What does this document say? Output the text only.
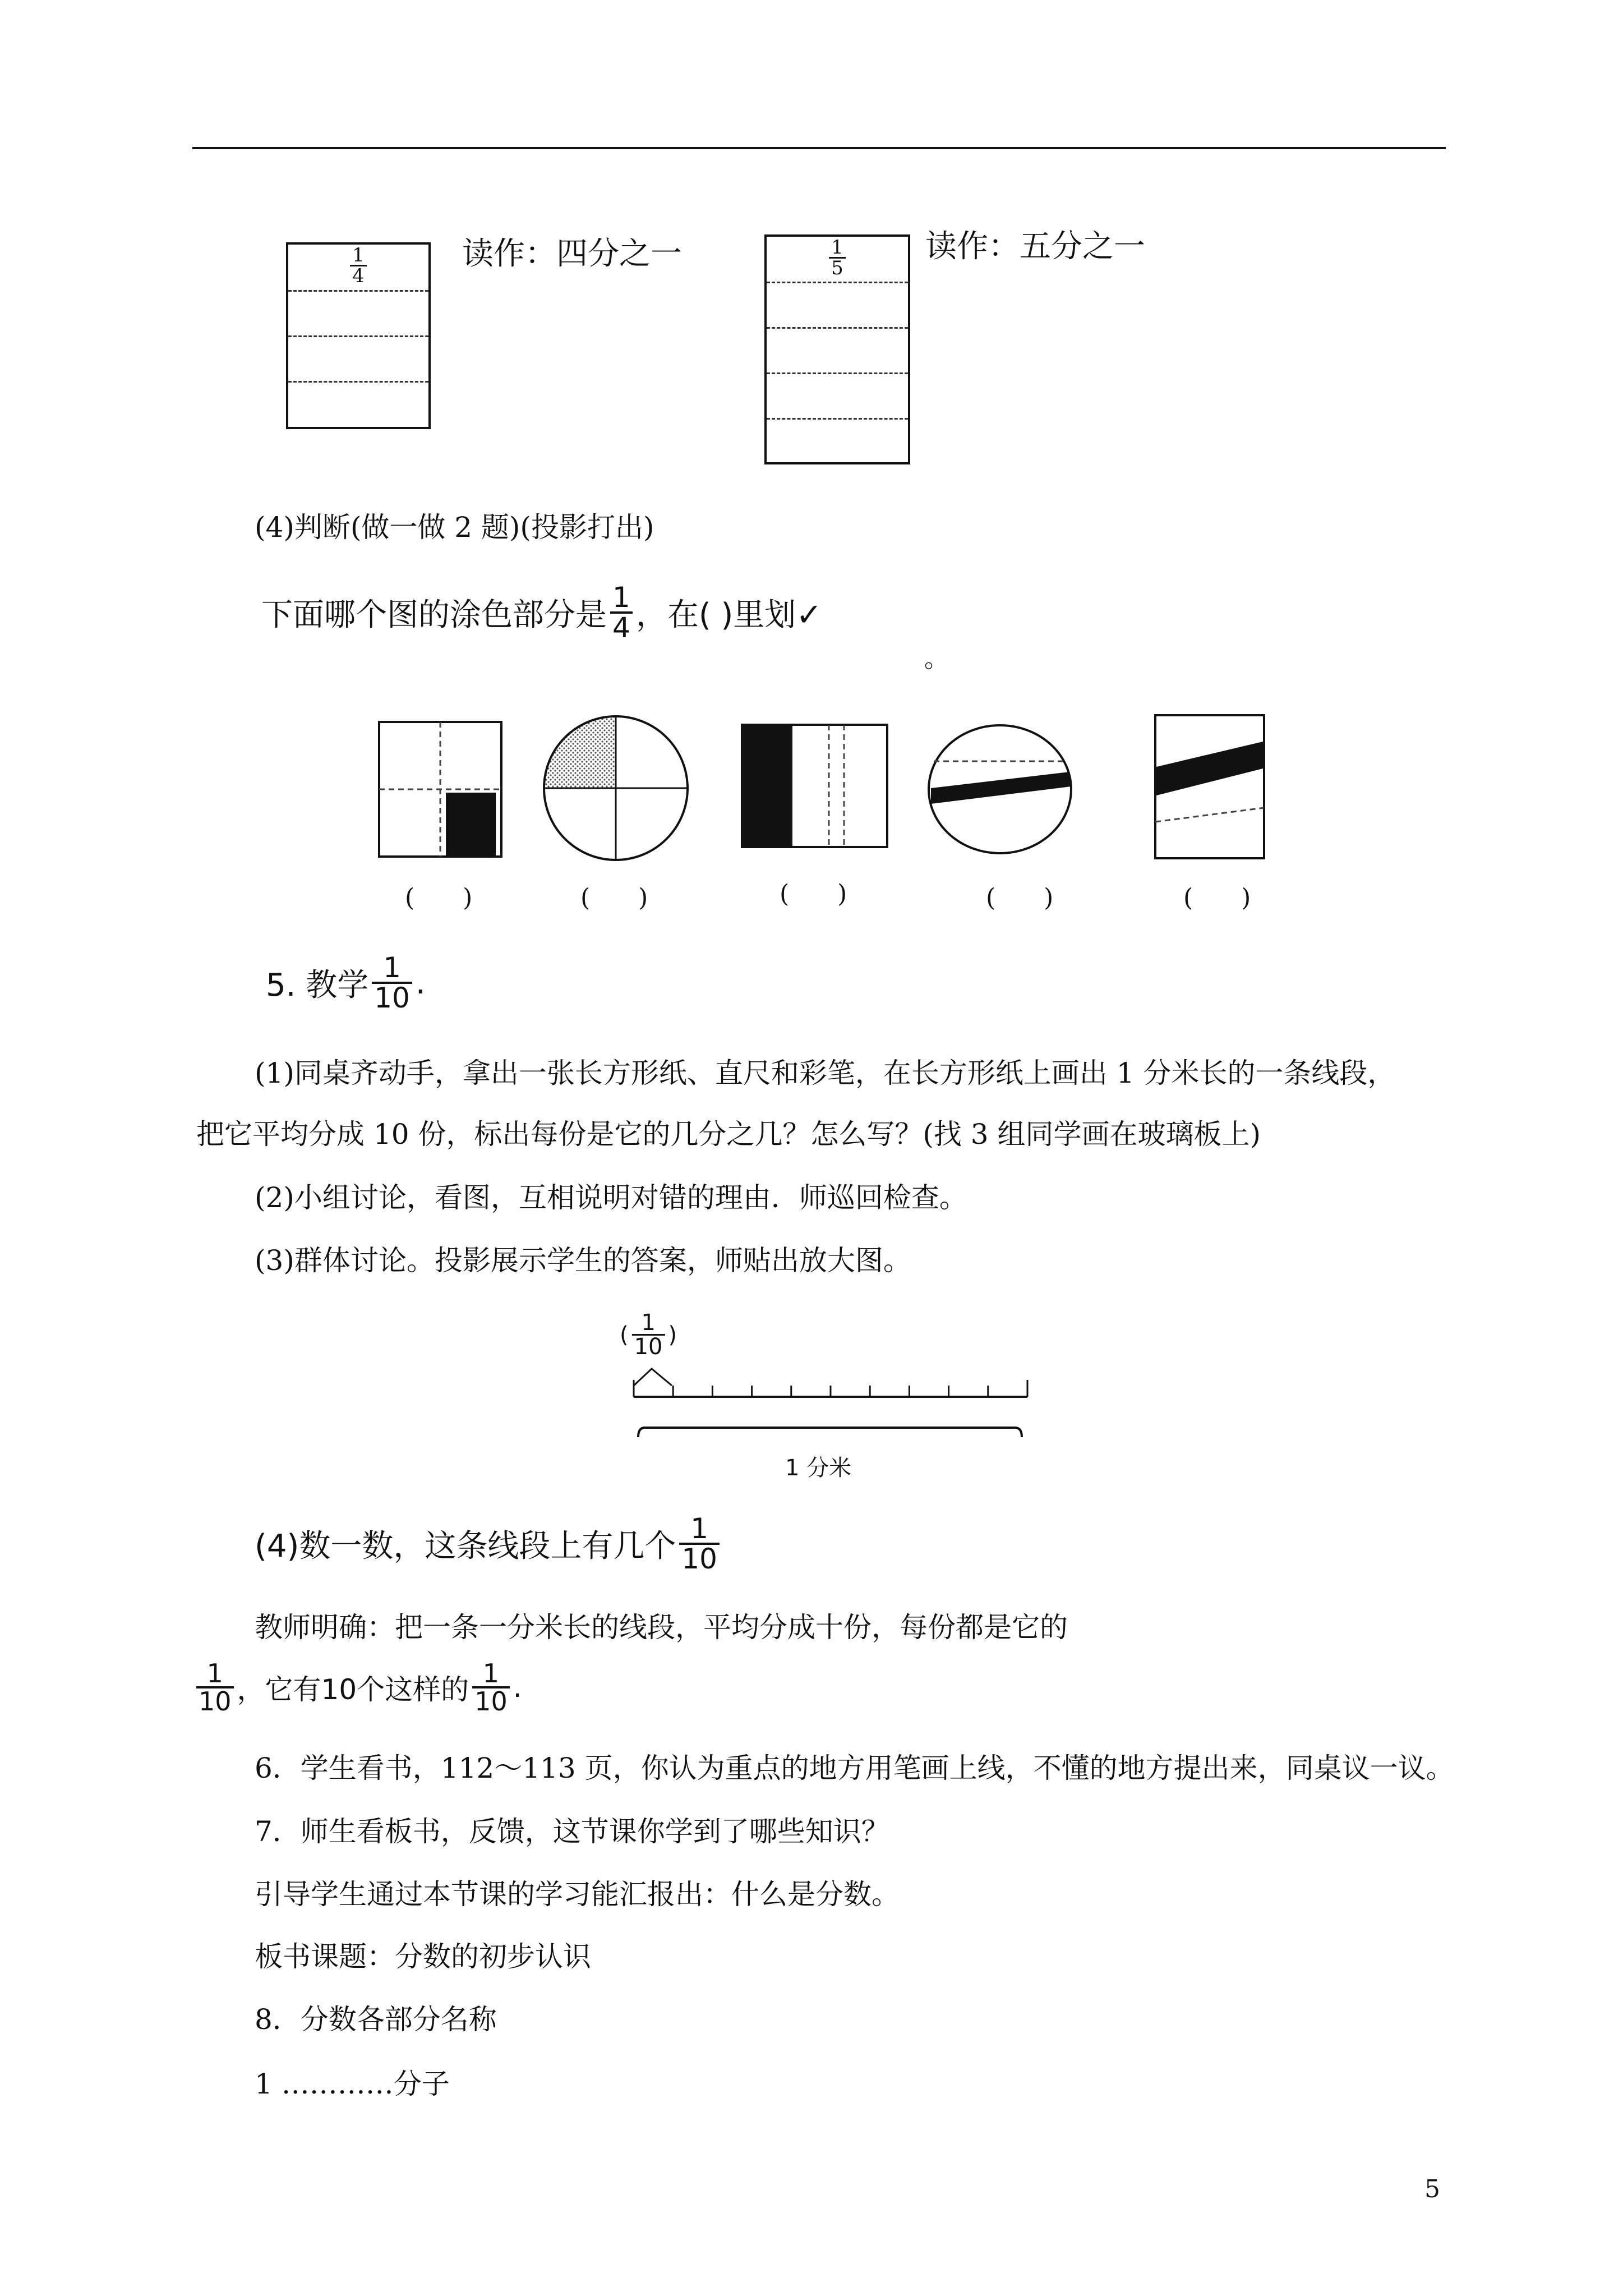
$\frac{1}{4}$	读作：四分之一	$\frac{1}{5}$	读作：五分之一
(4)判断(做一做 2 题)(投影打出)
下面哪个图的涂色部分是 $\frac{1}{4}$ ，在( )里划✓
。
( )	( )	( )	( )	( )
5. 教学 $\frac{1}{10}$ .
(1)同桌齐动手，拿出一张长方形纸、直尺和彩笔，在长方形纸上画出 1 分米长的一条线段，
把它平均分成 10 份，标出每份是它的几分之几？怎么写？(找 3 组同学画在玻璃板上)
(2)小组讨论，看图，互相说明对错的理由．师巡回检查。
(3)群体讨论。投影展示学生的答案，师贴出放大图。
( $\frac{1}{10}$ )
1 分米
(4)数一数，这条线段上有几个 $\frac{1}{10}$
教师明确：把一条一分米长的线段，平均分成十份，每份都是它的
$\frac{1}{10}$ ，它有10个这样的 $\frac{1}{10}$ .
6．学生看书，112～113 页，你认为重点的地方用笔画上线，不懂的地方提出来，同桌议一议。
7．师生看板书，反馈，这节课你学到了哪些知识？
引导学生通过本节课的学习能汇报出：什么是分数。
板书课题：分数的初步认识
8．分数各部分名称
1 …………分子
5
